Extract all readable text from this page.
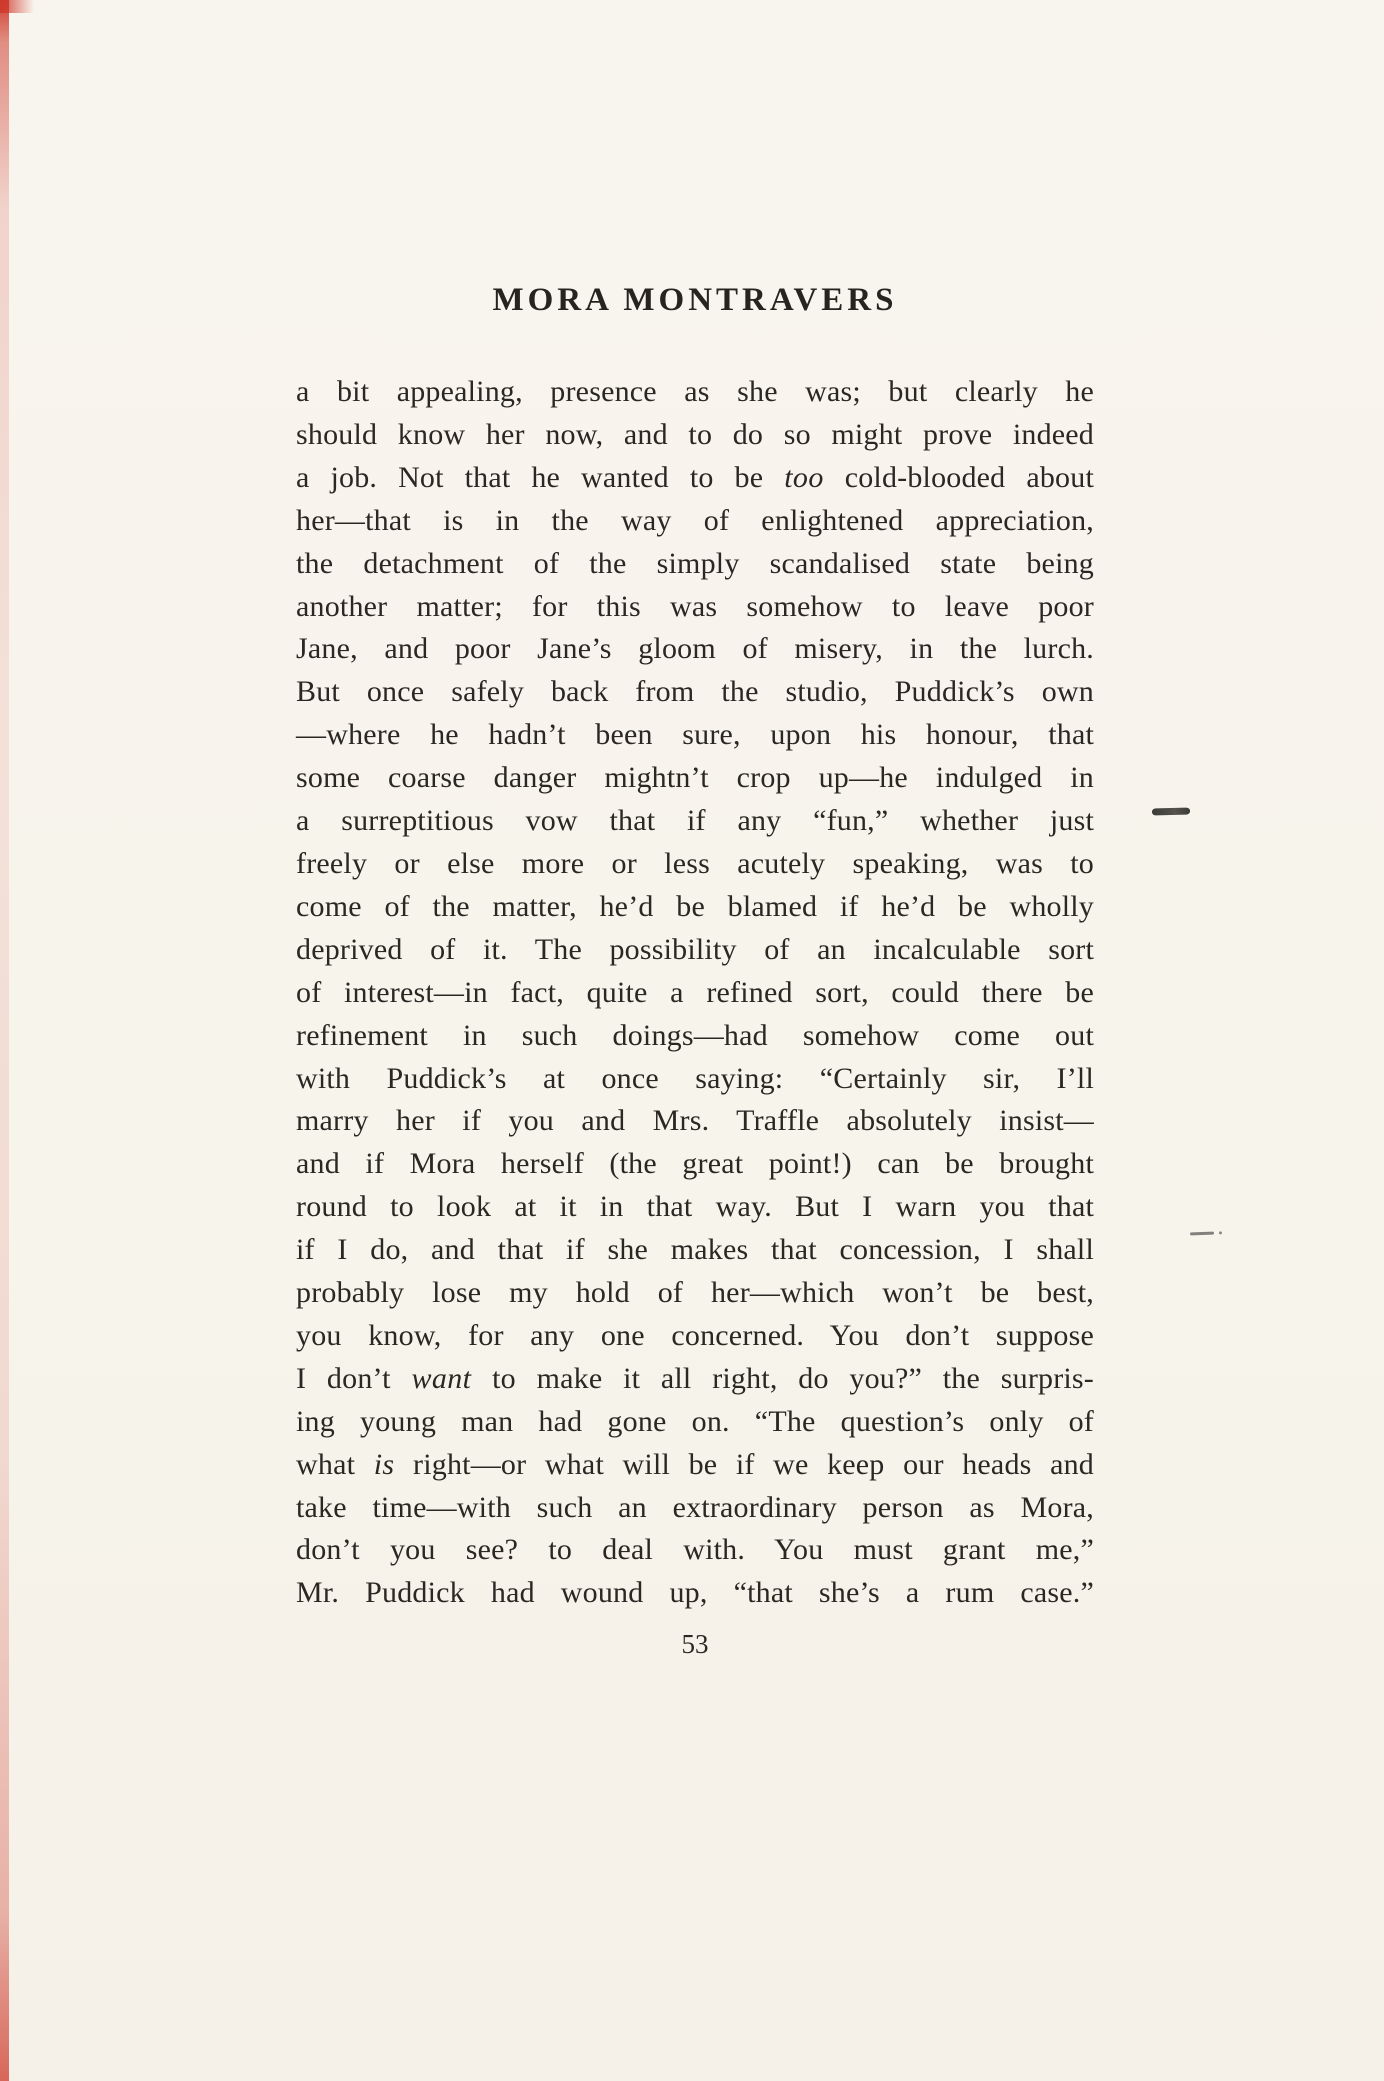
MORA MONTRAVERS
a bit appealing, presence as she was; but clearly he
should know her now, and to do so might prove indeed
a job. Not that he wanted to be too cold-blooded about
her—that is in the way of enlightened appreciation,
the detachment of the simply scandalised state being
another matter; for this was somehow to leave poor
Jane, and poor Jane’s gloom of misery, in the lurch.
But once safely back from the studio, Puddick’s own
—where he hadn’t been sure, upon his honour, that
some coarse danger mightn’t crop up—he indulged in
a surreptitious vow that if any “fun,” whether just
freely or else more or less acutely speaking, was to
come of the matter, he’d be blamed if he’d be wholly
deprived of it. The possibility of an incalculable sort
of interest—in fact, quite a refined sort, could there be
refinement in such doings—had somehow come out
with Puddick’s at once saying: “Certainly sir, I’ll
marry her if you and Mrs. Traffle absolutely insist—
and if Mora herself (the great point!) can be brought
round to look at it in that way. But I warn you that
if I do, and that if she makes that concession, I shall
probably lose my hold of her—which won’t be best,
you know, for any one concerned. You don’t suppose
I don’t want to make it all right, do you?” the surpris-
ing young man had gone on. “The question’s only of
what is right—or what will be if we keep our heads and
take time—with such an extraordinary person as Mora,
don’t you see? to deal with. You must grant me,”
Mr. Puddick had wound up, “that she’s a rum case.”
53
